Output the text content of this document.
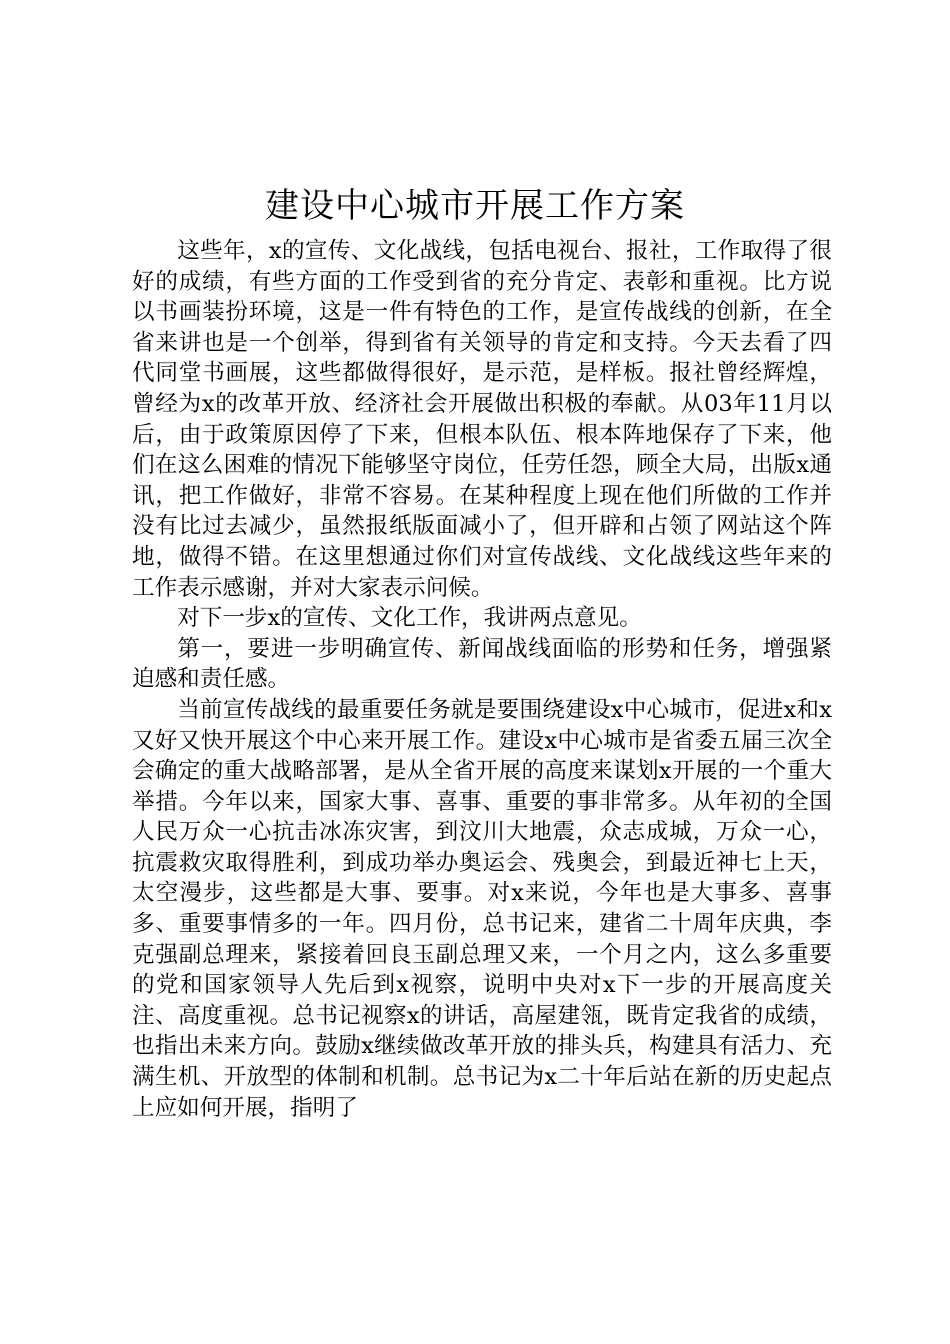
建设中心城市开展工作方案

这些年，x的宣传、文化战线，包括电视台、报社，工作取得了很好的成绩，有些方面的工作受到省的充分肯定、表彰和重视。比方说以书画装扮环境，这是一件有特色的工作，是宣传战线的创新，在全省来讲也是一个创举，得到省有关领导的肯定和支持。今天去看了四代同堂书画展，这些都做得很好，是示范，是样板。报社曾经辉煌，曾经为x的改革开放、经济社会开展做出积极的奉献。从03年11月以后，由于政策原因停了下来，但根本队伍、根本阵地保存了下来，他们在这么困难的情况下能够坚守岗位，任劳任怨，顾全大局，出版x通讯，把工作做好，非常不容易。在某种程度上现在他们所做的工作并没有比过去减少，虽然报纸版面减小了，但开辟和占领了网站这个阵地，做得不错。在这里想通过你们对宣传战线、文化战线这些年来的工作表示感谢，并对大家表示问候。

对下一步x的宣传、文化工作，我讲两点意见。

第一，要进一步明确宣传、新闻战线面临的形势和任务，增强紧迫感和责任感。

当前宣传战线的最重要任务就是要围绕建设x中心城市，促进x和x又好又快开展这个中心来开展工作。建设x中心城市是省委五届三次全会确定的重大战略部署，是从全省开展的高度来谋划x开展的一个重大举措。今年以来，国家大事、喜事、重要的事非常多。从年初的全国人民万众一心抗击冰冻灾害，到汶川大地震，众志成城，万众一心，抗震救灾取得胜利，到成功举办奥运会、残奥会，到最近神七上天，太空漫步，这些都是大事、要事。对x来说，今年也是大事多、喜事多、重要事情多的一年。四月份，总书记来，建省二十周年庆典，李克强副总理来，紧接着回良玉副总理又来，一个月之内，这么多重要的党和国家领导人先后到x视察，说明中央对x下一步的开展高度关注、高度重视。总书记视察x的讲话，高屋建瓴，既肯定我省的成绩，也指出未来方向。鼓励x继续做改革开放的排头兵，构建具有活力、充满生机、开放型的体制和机制。总书记为x二十年后站在新的历史起点上应如何开展，指明了
